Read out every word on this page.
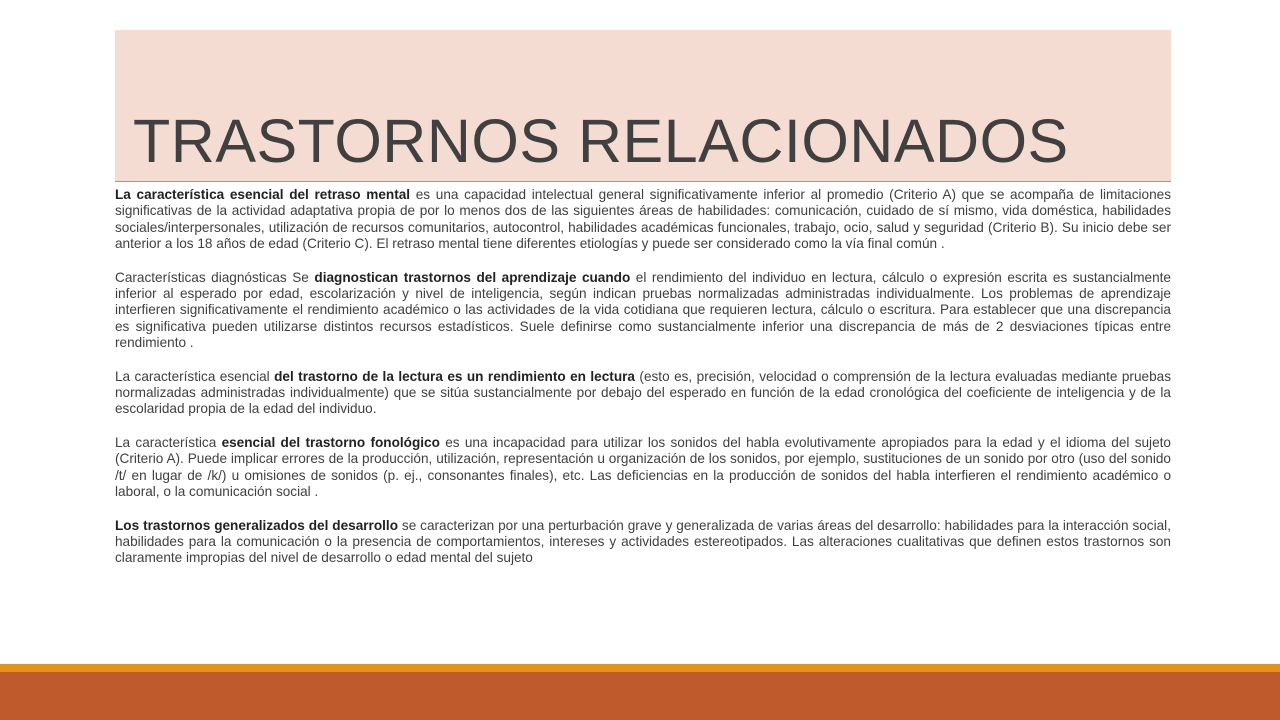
TRASTORNOS RELACIONADOS

La característica esencial del retraso mental es una capacidad intelectual general significativamente inferior al promedio (Criterio A) que se acompaña de limitaciones significativas de la actividad adaptativa propia de por lo menos dos de las siguientes áreas de habilidades: comunicación, cuidado de sí mismo, vida doméstica, habilidades sociales/interpersonales, utilización de recursos comunitarios, autocontrol, habilidades académicas funcionales, trabajo, ocio, salud y seguridad (Criterio B). Su inicio debe ser anterior a los 18 años de edad (Criterio C). El retraso mental tiene diferentes etiologías y puede ser considerado como la vía final común .

Características diagnósticas Se diagnostican trastornos del aprendizaje cuando el rendimiento del individuo en lectura, cálculo o expresión escrita es sustancialmente inferior al esperado por edad, escolarización y nivel de inteligencia, según indican pruebas normalizadas administradas individualmente. Los problemas de aprendizaje interfieren significativamente el rendimiento académico o las actividades de la vida cotidiana que requieren lectura, cálculo o escritura. Para establecer que una discrepancia es significativa pueden utilizarse distintos recursos estadísticos. Suele definirse como sustancialmente inferior una discrepancia de más de 2 desviaciones típicas entre rendimiento .

La característica esencial del trastorno de la lectura es un rendimiento en lectura (esto es, precisión, velocidad o comprensión de la lectura evaluadas mediante pruebas normalizadas administradas individualmente) que se sitúa sustancialmente por debajo del esperado en función de la edad cronológica del coeficiente de inteligencia y de la escolaridad propia de la edad del individuo.

La característica esencial del trastorno fonológico es una incapacidad para utilizar los sonidos del habla evolutivamente apropiados para la edad y el idioma del sujeto (Criterio A). Puede implicar errores de la producción, utilización, representación u organización de los sonidos, por ejemplo, sustituciones de un sonido por otro (uso del sonido /t/ en lugar de /k/) u omisiones de sonidos (p. ej., consonantes finales), etc. Las deficiencias en la producción de sonidos del habla interfieren el rendimiento académico o laboral, o la comunicación social .

Los trastornos generalizados del desarrollo se caracterizan por una perturbación grave y generalizada de varias áreas del desarrollo: habilidades para la interacción social, habilidades para la comunicación o la presencia de comportamientos, intereses y actividades estereotipados. Las alteraciones cualitativas que definen estos trastornos son claramente impropias del nivel de desarrollo o edad mental del sujeto
